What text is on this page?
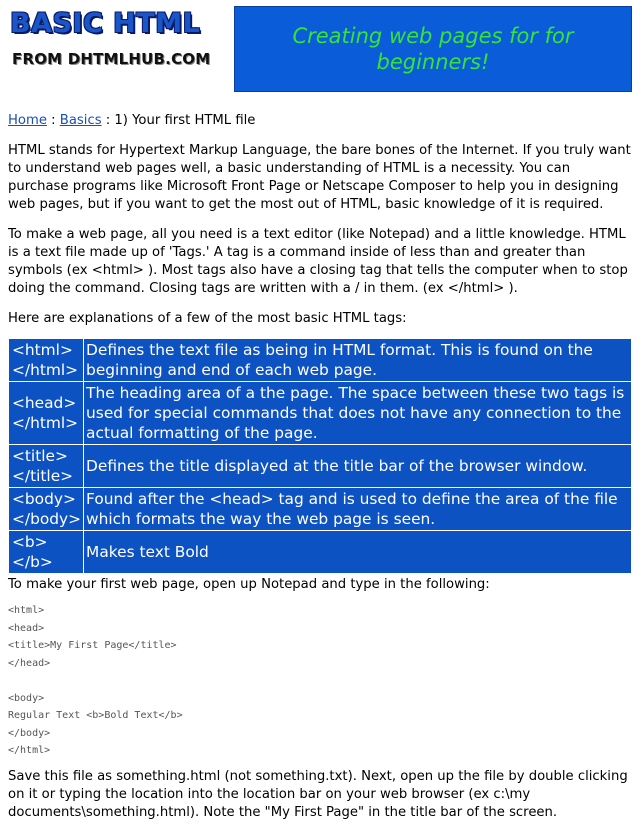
BASIC HTML
FROM DHTMLHUB.COM
Creating web pages for for beginners!
Home : Basics : 1) Your first HTML file

HTML stands for Hypertext Markup Language, the bare bones of the Internet. If you truly want to understand web pages well, a basic understanding of HTML is a necessity. You can purchase programs like Microsoft Front Page or Netscape Composer to help you in designing web pages, but if you want to get the most out of HTML, basic knowledge of it is required.

To make a web page, all you need is a text editor (like Notepad) and a little knowledge. HTML is a text file made up of 'Tags.' A tag is a command inside of less than and greater than symbols (ex <html> ). Most tags also have a closing tag that tells the computer when to stop doing the command. Closing tags are written with a / in them. (ex </html> ).

Here are explanations of a few of the most basic HTML tags:

<html>
</html>	Defines the text file as being in HTML format. This is found on the beginning and end of each web page.
<head>
</html>	The heading area of a the page. The space between these two tags is used for special commands that does not have any connection to the actual formatting of the page.
<title>
</title>	Defines the title displayed at the title bar of the browser window.
<body>
</body>	Found after the <head> tag and is used to define the area of the file which formats the way the web page is seen.
<b>
</b>	Makes text Bold

To make your first web page, open up Notepad and type in the following:

<html>
<head>
<title>My First Page</title>
</head>

<body>
Regular Text <b>Bold Text</b>
</body>
</html>

Save this file as something.html (not something.txt). Next, open up the file by double clicking on it or typing the location into the location bar on your web browser (ex c:\my documents\something.html). Note the "My First Page" in the title bar of the screen.
